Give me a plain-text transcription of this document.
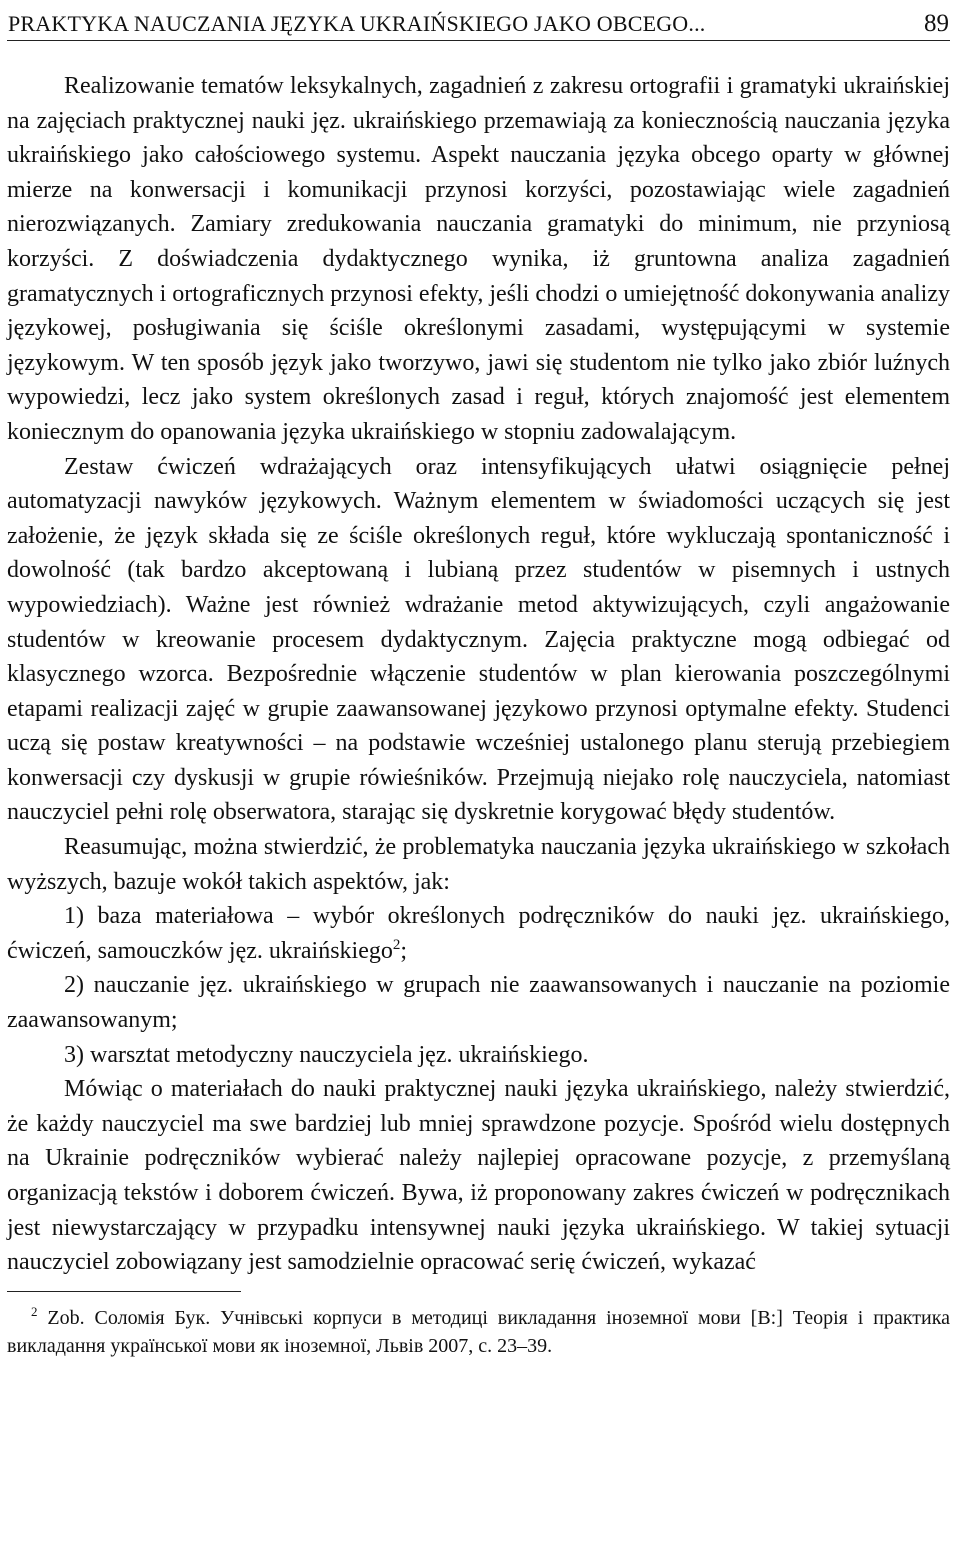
PRAKTYKA NAUCZANIA JĘZYKA UKRAIŃSKIEGO JAKO OBCEGO...	89

Realizowanie tematów leksykalnych, zagadnień z zakresu ortografii i gramatyki ukraińskiej na zajęciach praktycznej nauki jęz. ukraińskiego przemawiają za koniecznością nauczania języka ukraińskiego jako całościowego systemu. Aspekt nauczania języka obcego oparty w głównej mierze na konwersacji i komunikacji przynosi korzyści, pozostawiając wiele zagadnień nierozwiązanych. Zamiary zredukowania nauczania gramatyki do minimum, nie przyniosą korzyści. Z doświadczenia dydaktycznego wynika, iż gruntowna analiza zagadnień gramatycznych i ortograficznych przynosi efekty, jeśli chodzi o umiejętność dokonywania analizy językowej, posługiwania się ściśle określonymi zasadami, występującymi w systemie językowym. W ten sposób język jako tworzywo, jawi się studentom nie tylko jako zbiór luźnych wypowiedzi, lecz jako system określonych zasad i reguł, których znajomość jest elementem koniecznym do opanowania języka ukraińskiego w stopniu zadowalającym.

Zestaw ćwiczeń wdrażających oraz intensyfikujących ułatwi osiągnięcie pełnej automatyzacji nawyków językowych. Ważnym elementem w świadomości uczących się jest założenie, że język składa się ze ściśle określonych reguł, które wykluczają spontaniczność i dowolność (tak bardzo akceptowaną i lubianą przez studentów w pisemnych i ustnych wypowiedziach). Ważne jest również wdrażanie metod aktywizujących, czyli angażowanie studentów w kreowanie procesem dydaktycznym. Zajęcia praktyczne mogą odbiegać od klasycznego wzorca. Bezpośrednie włączenie studentów w plan kierowania poszczególnymi etapami realizacji zajęć w grupie zaawansowanej językowo przynosi optymalne efekty. Studenci uczą się postaw kreatywności – na podstawie wcześniej ustalonego planu sterują przebiegiem konwersacji czy dyskusji w grupie rówieśników. Przejmują niejako rolę nauczyciela, natomiast nauczyciel pełni rolę obserwatora, starając się dyskretnie korygować błędy studentów.

Reasumując, można stwierdzić, że problematyka nauczania języka ukraińskiego w szkołach wyższych, bazuje wokół takich aspektów, jak:

1) baza materiałowa – wybór określonych podręczników do nauki jęz. ukraińskiego, ćwiczeń, samouczków jęz. ukraińskiego$^2$;

2) nauczanie jęz. ukraińskiego w grupach nie zaawansowanych i nauczanie na poziomie zaawansowanym;

3) warsztat metodyczny nauczyciela jęz. ukraińskiego.

Mówiąc o materiałach do nauki praktycznej nauki języka ukraińskiego, należy stwierdzić, że każdy nauczyciel ma swe bardziej lub mniej sprawdzone pozycje. Spośród wielu dostępnych na Ukrainie podręczników wybierać należy najlepiej opracowane pozycje, z przemyślaną organizacją tekstów i doborem ćwiczeń. Bywa, iż proponowany zakres ćwiczeń w podręcznikach jest niewystarczający w przypadku intensywnej nauki języka ukraińskiego. W takiej sytuacji nauczyciel zobowiązany jest samodzielnie opracować serię ćwiczeń, wykazać

$^2$ Zob. Соломія Бук. Учнівські корпуси в методиці викладання іноземної мови [В:] Теорія і практика викладання української мови як іноземної, Львів 2007, с. 23–39.
